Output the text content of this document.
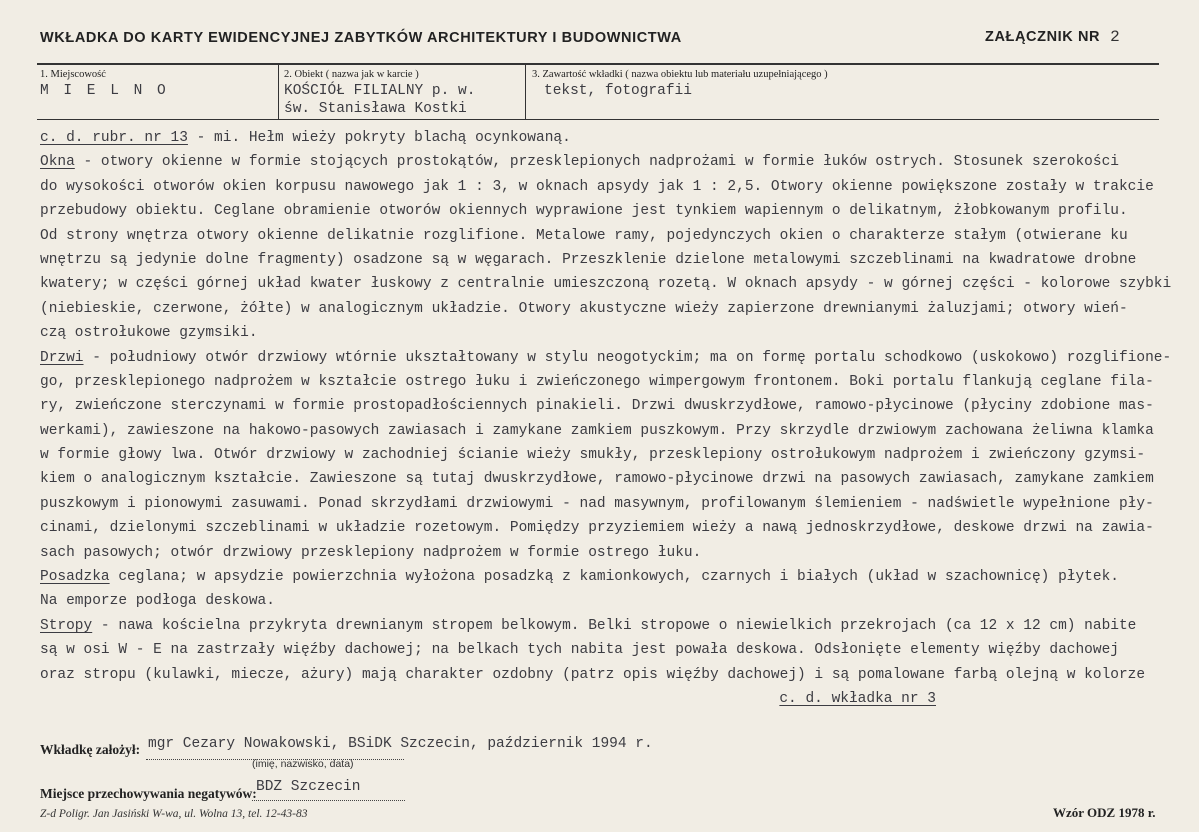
WKŁADKA DO KARTY EWIDENCYJNEJ ZABYTKÓW ARCHITEKTURY I BUDOWNICTWA	ZAŁĄCZNIK NR 2
1. Miejscowość
M I E L N O
2. Obiekt ( nazwa jak w karcie )
KOŚCIÓŁ FILIALNY p. w.
św. Stanisława Kostki
3. Zawartość wkładki ( nazwa obiektu lub materiału uzupełniającego )
tekst, fotografii
c. d. rubr. nr 13 - mi. Hełm wieży pokryty blachą ocynkowaną.
Okna - otwory okienne w formie stojących prostokątów, przesklepionych nadprożami w formie łuków ostrych. Stosunek szerokości
do wysokości otworów okien korpusu nawowego jak 1 : 3, w oknach apsydy jak 1 : 2,5. Otwory okienne powiększone zostały w trakcie
przebudowy obiektu. Ceglane obramienie otworów okiennych wyprawione jest tynkiem wapiennym o delikatnym, żłobkowanym profilu.
Od strony wnętrza otwory okienne delikatnie rozglifione. Metalowe ramy, pojedynczych okien o charakterze stałym (otwierane ku
wnętrzu są jedynie dolne fragmenty) osadzone są w węgarach. Przeszklenie dzielone metalowymi szczeblinami na kwadratowe drobne
kwatery; w części górnej układ kwater łuskowy z centralnie umieszczoną rozetą. W oknach apsydy - w górnej części - kolorowe szybki
(niebieskie, czerwone, żółte) w analogicznym układzie. Otwory akustyczne wieży zapierzone drewnianymi żaluzjami; otwory wień-
czą ostrołukowe gzymsiki.
Drzwi - południowy otwór drzwiowy wtórnie ukształtowany w stylu neogotyckim; ma on formę portalu schodkowo (uskokowo) rozglifione-
go, przesklepionego nadprożem w kształcie ostrego łuku i zwieńczonego wimpergowym frontonem. Boki portalu flankują ceglane fila-
ry, zwieńczone sterczynami w formie prostopadłościennych pinakieli. Drzwi dwuskrzydłowe, ramowo-płycinowe (płyciny zdobione mas-
werkami), zawieszone na hakowo-pasowych zawiasach i zamykane zamkiem puszkowym. Przy skrzydle drzwiowym zachowana żeliwna klamka
w formie głowy lwa. Otwór drzwiowy w zachodniej ścianie wieży smukły, przesklepiony ostrołukowym nadprożem i zwieńczony gzymsi-
kiem o analogicznym kształcie. Zawieszone są tutaj dwuskrzydłowe, ramowo-płycinowe drzwi na pasowych zawiasach, zamykane zamkiem
puszkowym i pionowymi zasuwami. Ponad skrzydłami drzwiowymi - nad masywnym, profilowanym ślemieniem - nadświetle wypełnione pły-
cinami, dzielonymi szczeblinami w układzie rozetowym. Pomiędzy przyziemiem wieży a nawą jednoskrzydłowe, deskowe drzwi na zawia-
sach pasowych; otwór drzwiowy przesklepiony nadprożem w formie ostrego łuku.
Posadzka ceglana; w apsydzie powierzchnia wyłożona posadzką z kamionkowych, czarnych i białych (układ w szachownicę) płytek.
Na emporze podłoga deskowa.
Stropy - nawa kościelna przykryta drewnianym stropem belkowym. Belki stropowe o niewielkich przekrojach (ca 12 x 12 cm) nabite
są w osi W - E na zastrzały więźby dachowej; na belkach tych nabita jest powała deskowa. Odsłonięte elementy więźby dachowej
oraz stropu (kulawki, miecze, ażury) mają charakter ozdobny (patrz opis więźby dachowej) i są pomalowane farbą olejną w kolorze
c. d. wkładka nr 3
Wkładkę założył: mgr Cezary Nowakowski, BSiDK Szczecin, październik 1994 r.
(imię, nazwisko, data)
Miejsce przechowywania negatywów: BDZ Szczecin
Z-d Poligr. Jan Jasiński W-wa, ul. Wolna 13, tel. 12-43-83	Wzór ODZ 1978 r.
